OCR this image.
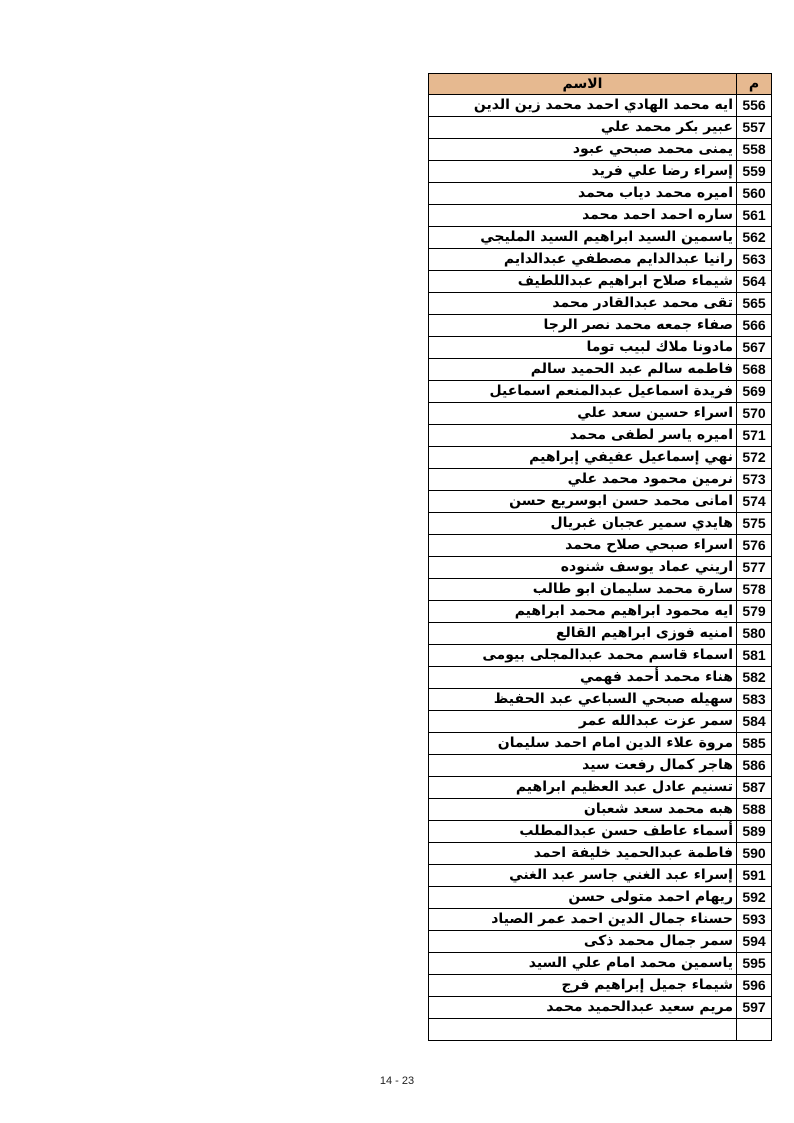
م	الاسم
556	ايه محمد الهادي احمد محمد زين الدين
557	عبير بكر محمد علي
558	يمنى محمد صبحي عبود
559	إسراء رضا علي فريد
560	اميره محمد دياب محمد
561	ساره احمد احمد محمد
562	ياسمين السيد ابراهيم السيد المليجي
563	رانيا عبدالدايم مصطفي عبدالدايم
564	شيماء صلاح ابراهيم عبداللطيف
565	تقى محمد عبدالقادر محمد
566	صفاء جمعه محمد نصر الرجا
567	مادونا ملاك لبيب توما
568	فاطمه سالم عبد الحميد سالم
569	فريدة اسماعيل عبدالمنعم اسماعيل
570	اسراء حسين سعد علي
571	اميره ياسر لطفى محمد
572	نهي إسماعيل عفيفي إبراهيم
573	نرمين محمود محمد علي
574	امانى محمد حسن ابوسريع حسن
575	هايدي سمير عجبان غبريال
576	اسراء صبحي صلاح محمد
577	اريني عماد يوسف شنوده
578	سارة محمد سليمان ابو طالب
579	ايه محمود ابراهيم محمد ابراهيم
580	امنيه فوزى ابراهيم القالع
581	اسماء قاسم محمد عبدالمجلى بيومى
582	هناء محمد أحمد فهمي
583	سهيله صبحي السباعي عبد الحفيظ
584	سمر عزت عبدالله عمر
585	مروة علاء الدين امام احمد سليمان
586	هاجر كمال رفعت سيد
587	تسنيم عادل عبد العظيم ابراهيم
588	هبه محمد سعد شعبان
589	أسماء عاطف حسن عبدالمطلب
590	فاطمة عبدالحميد خليفة احمد
591	إسراء عبد الغني جاسر عبد الغني
592	ريهام احمد متولى حسن
593	حسناء جمال الدين احمد عمر الصياد
594	سمر جمال محمد ذكى
595	ياسمين محمد امام علي السيد
596	شيماء جميل إبراهيم فرج
597	مريم سعيد عبدالحميد محمد

14 - 23
